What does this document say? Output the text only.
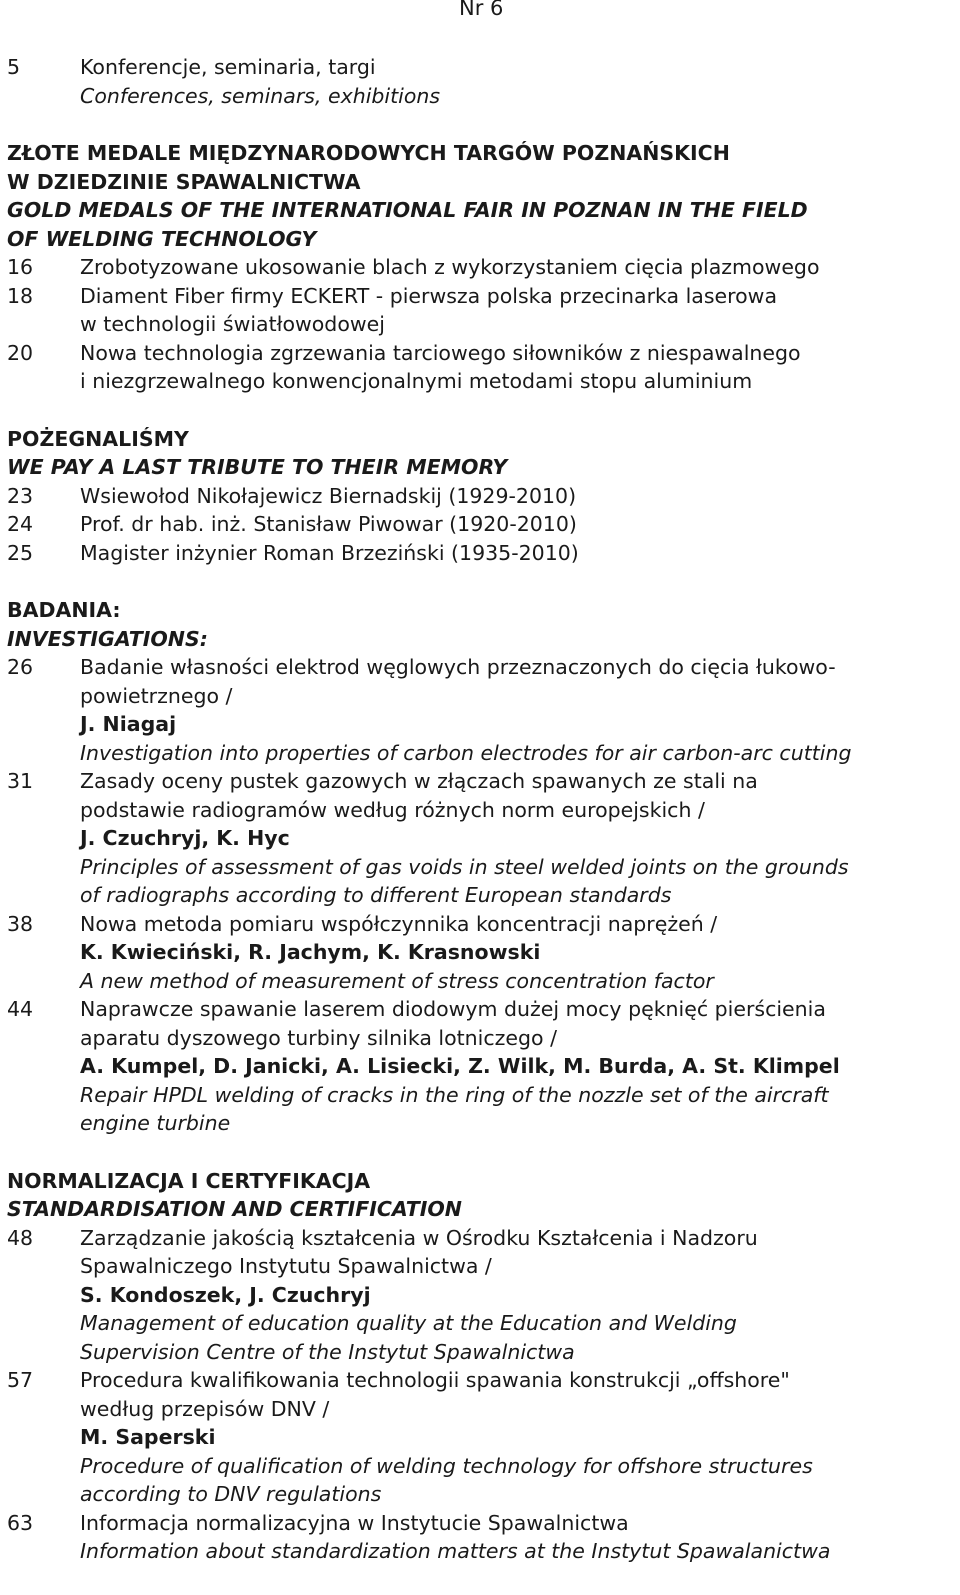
Nr 6
5	Konferencje, seminaria, targi
Conferences, seminars, exhibitions
ZŁOTE MEDALE MIĘDZYNARODOWYCH TARGÓW POZNAŃSKICH
W DZIEDZINIE SPAWALNICTWA
GOLD MEDALS OF THE INTERNATIONAL FAIR IN POZNAN IN THE FIELD
OF WELDING TECHNOLOGY
16	Zrobotyzowane ukosowanie blach z wykorzystaniem cięcia plazmowego
18	Diament Fiber firmy ECKERT - pierwsza polska przecinarka laserowa
w technologii światłowodowej
20	Nowa technologia zgrzewania tarciowego siłowników z niespawalnego
i niezgrzewalnego konwencjonalnymi metodami stopu aluminium
POŻEGNALIŚMY
WE PAY A LAST TRIBUTE TO THEIR MEMORY
23	Wsiewołod Nikołajewicz Biernadskij (1929-2010)
24	Prof. dr hab. inż. Stanisław Piwowar (1920-2010)
25	Magister inżynier Roman Brzeziński (1935-2010)
BADANIA:
INVESTIGATIONS:
26	Badanie własności elektrod węglowych przeznaczonych do cięcia łukowo-
powietrznego /
J. Niagaj
Investigation into properties of carbon electrodes for air carbon-arc cutting
31	Zasady oceny pustek gazowych w złączach spawanych ze stali na
podstawie radiogramów według różnych norm europejskich /
J. Czuchryj, K. Hyc
Principles of assessment of gas voids in steel welded joints on the grounds
of radiographs according to different European standards
38	Nowa metoda pomiaru współczynnika koncentracji naprężeń /
K. Kwieciński, R. Jachym, K. Krasnowski
A new method of measurement of stress concentration factor
44	Naprawcze spawanie laserem diodowym dużej mocy pęknięć pierścienia
aparatu dyszowego turbiny silnika lotniczego /
A. Kumpel, D. Janicki, A. Lisiecki, Z. Wilk, M. Burda, A. St. Klimpel
Repair HPDL welding of cracks in the ring of the nozzle set of the aircraft
engine turbine
NORMALIZACJA I CERTYFIKACJA
STANDARDISATION AND CERTIFICATION
48	Zarządzanie jakością kształcenia w Ośrodku Kształcenia i Nadzoru
Spawalniczego Instytutu Spawalnictwa /
S. Kondoszek, J. Czuchryj
Management of education quality at the Education and Welding
Supervision Centre of the Instytut Spawalnictwa
57	Procedura kwalifikowania technologii spawania konstrukcji „offshore"
według przepisów DNV /
M. Saperski
Procedure of qualification of welding technology for offshore structures
according to DNV regulations
63	Informacja normalizacyjna w Instytucie Spawalnictwa
Information about standardization matters at the Instytut Spawalanictwa
